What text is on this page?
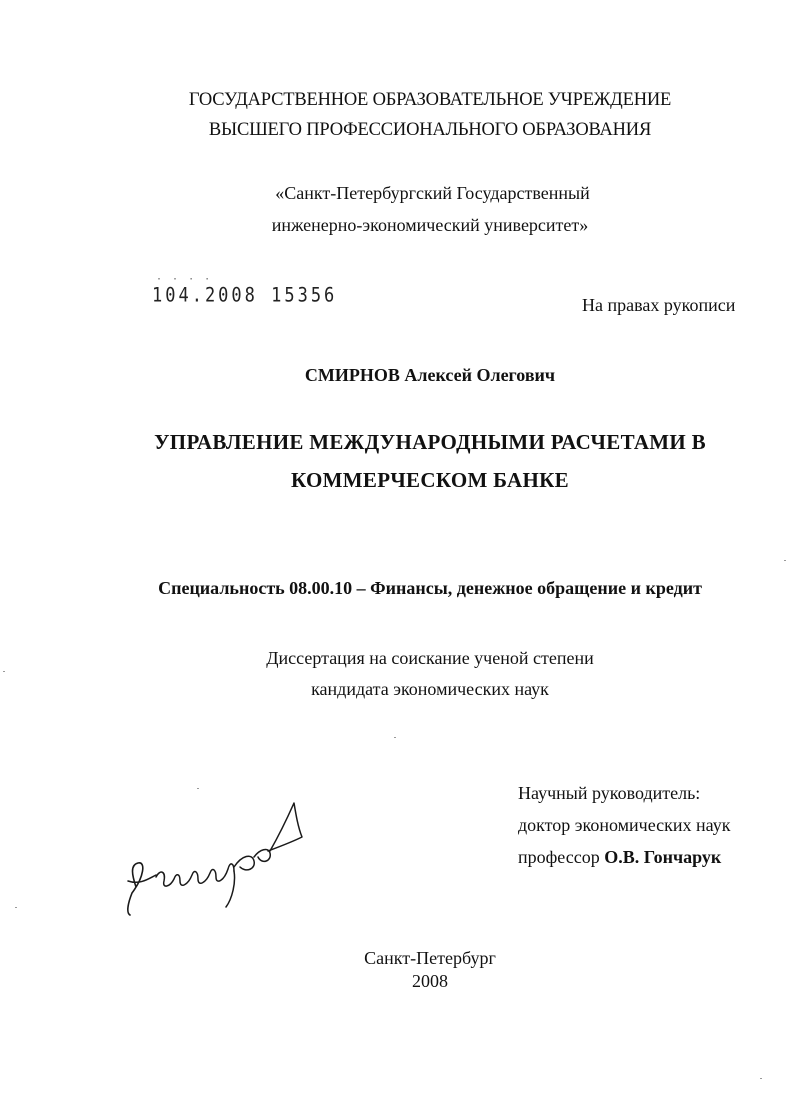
ГОСУДАРСТВЕННОЕ ОБРАЗОВАТЕЛЬНОЕ УЧРЕЖДЕНИЕ
ВЫСШЕГО ПРОФЕССИОНАЛЬНОГО ОБРАЗОВАНИЯ
«Санкт-Петербургский Государственный
инженерно-экономический университет»
· · · ·
104.2008 15356	На правах рукописи
СМИРНОВ Алексей Олегович
УПРАВЛЕНИЕ МЕЖДУНАРОДНЫМИ РАСЧЕТАМИ В
КОММЕРЧЕСКОМ БАНКЕ
Специальность 08.00.10 – Финансы, денежное обращение и кредит
Диссертация на соискание ученой степени
кандидата экономических наук
Научный руководитель:
доктор экономических наук
профессор О.В. Гончарук
Санкт-Петербург
2008
